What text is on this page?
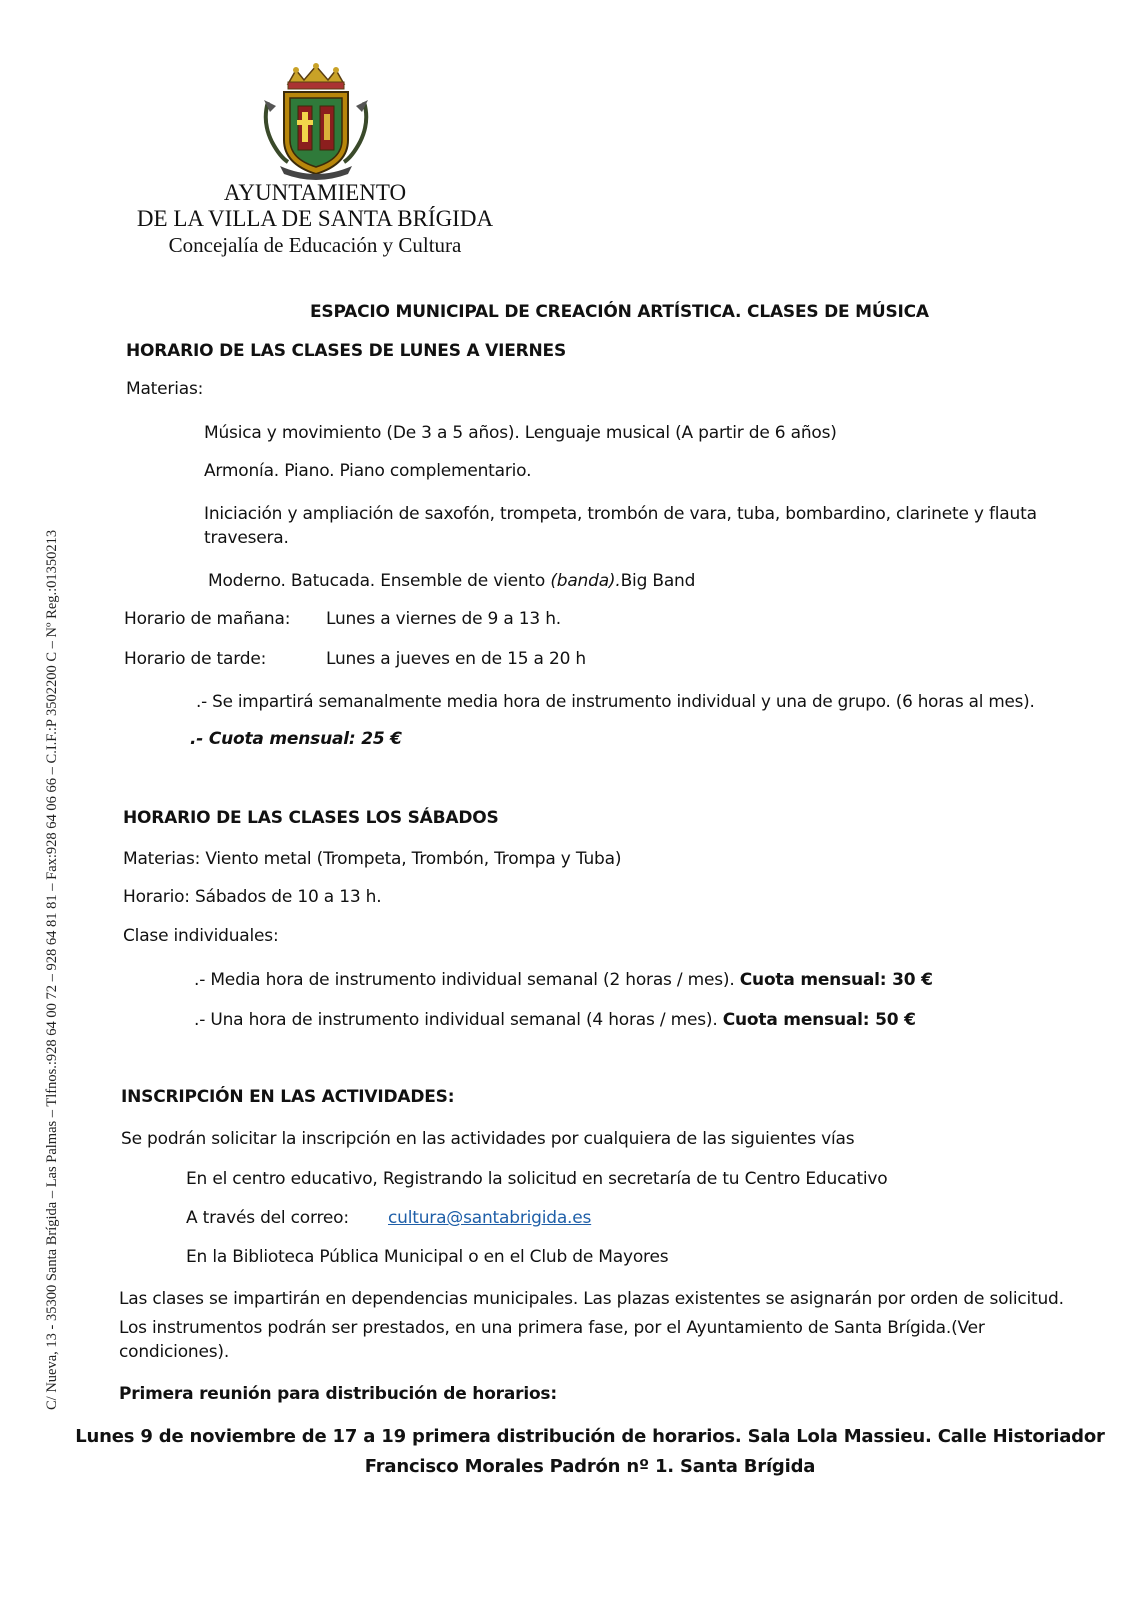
C/ Nueva, 13 - 35300 Santa Brígida – Las Palmas – Tlfnos.:928 64 00 72 – 928 64 81 81 – Fax:928 64 06 66 – C.I.F.:P 3502200 C – Nº Reg.:01350213
AYUNTAMIENTO
DE LA VILLA DE SANTA BRÍGIDA
Concejalía de Educación y Cultura
ESPACIO MUNICIPAL DE CREACIÓN ARTÍSTICA. CLASES DE MÚSICA
HORARIO DE LAS CLASES DE LUNES A VIERNES
Materias:
Música y movimiento (De 3 a 5 años). Lenguaje musical (A partir de 6 años)
Armonía. Piano. Piano complementario.
Iniciación y ampliación de saxofón, trompeta, trombón de vara, tuba, bombardino, clarinete y flauta
travesera.
Moderno. Batucada. Ensemble de viento (banda).Big Band
Horario de mañana: Lunes a viernes de 9 a 13 h.
Horario de tarde:	Lunes a jueves en de 15 a 20 h
.- Se impartirá semanalmente media hora de instrumento individual y una de grupo. (6 horas al mes).
.- Cuota mensual: 25 €
HORARIO DE LAS CLASES LOS SÁBADOS
Materias: Viento metal (Trompeta, Trombón, Trompa y Tuba)
Horario: Sábados de 10 a 13 h.
Clase individuales:
.- Media hora de instrumento individual semanal (2 horas / mes). Cuota mensual: 30 €
.- Una hora de instrumento individual semanal (4 horas / mes). Cuota mensual: 50 €
INSCRIPCIÓN EN LAS ACTIVIDADES:
Se podrán solicitar la inscripción en las actividades por cualquiera de las siguientes vías
En el centro educativo, Registrando la solicitud en secretaría de tu Centro Educativo
A través del correo: cultura@santabrigida.es
En la Biblioteca Pública Municipal o en el Club de Mayores
Las clases se impartirán en dependencias municipales. Las plazas existentes se asignarán por orden de solicitud.
Los instrumentos podrán ser prestados, en una primera fase, por el Ayuntamiento de Santa Brígida.(Ver
condiciones).
Primera reunión para distribución de horarios:
Lunes 9 de noviembre de 17 a 19 primera distribución de horarios. Sala Lola Massieu. Calle Historiador
Francisco Morales Padrón nº 1. Santa Brígida
